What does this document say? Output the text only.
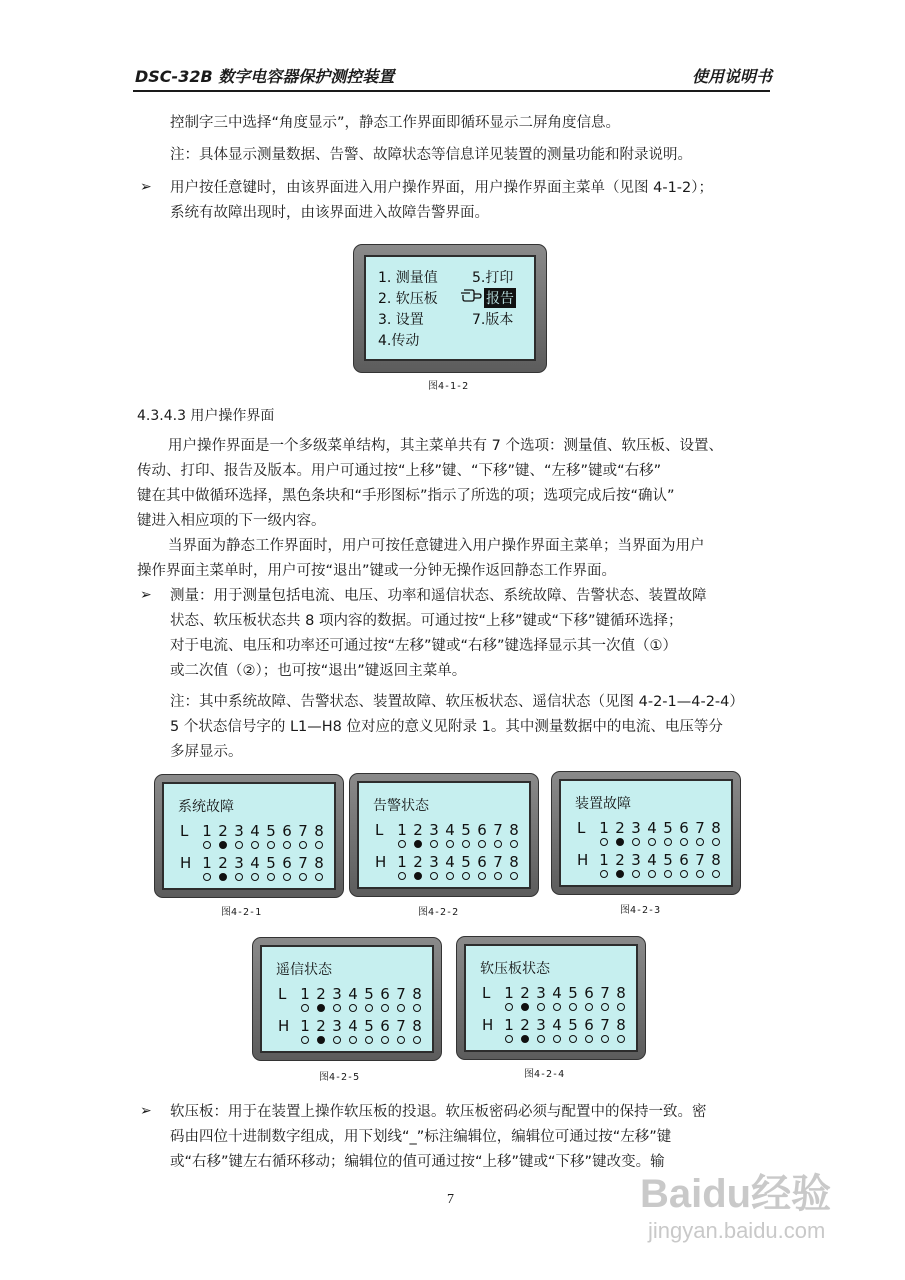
DSC-32B 数字电容器保护测控装置	使用说明书
控制字三中选择“角度显示”，静态工作界面即循环显示二屏角度信息。
注：具体显示测量数据、告警、故障状态等信息详见装置的测量功能和附录说明。
➢ 用户按任意键时，由该界面进入用户操作界面，用户操作界面主菜单（见图 4-1-2）；
系统有故障出现时，由该界面进入故障告警界面。
1. 测量值
2. 软压板
3. 设置
4.传动
5.打印
报告
7.版本
图4-1-2
4.3.4.3 用户操作界面
用户操作界面是一个多级菜单结构，其主菜单共有 7 个选项：测量值、软压板、设置、
传动、打印、报告及版本。用户可通过按“上移”键、“下移”键、“左移”键或“右移”
键在其中做循环选择，黑色条块和“手形图标”指示了所选的项；选项完成后按“确认”
键进入相应项的下一级内容。
当界面为静态工作界面时，用户可按任意键进入用户操作界面主菜单；当界面为用户
操作界面主菜单时，用户可按“退出”键或一分钟无操作返回静态工作界面。
➢ 测量：用于测量包括电流、电压、功率和遥信状态、系统故障、告警状态、装置故障
状态、软压板状态共 8 项内容的数据。可通过按“上移”键或“下移”键循环选择；
对于电流、电压和功率还可通过按“左移”键或“右移”键选择显示其一次值（①）
或二次值（②）；也可按“退出”键返回主菜单。
注：其中系统故障、告警状态、装置故障、软压板状态、遥信状态（见图 4-2-1—4-2-4）
5 个状态信号字的 L1—H8 位对应的意义见附录 1。其中测量数据中的电流、电压等分
多屏显示。
系统故障
L 1 2 3 4 5 6 7 8
H 1 2 3 4 5 6 7 8
图4-2-1
告警状态
L 1 2 3 4 5 6 7 8
H 1 2 3 4 5 6 7 8
图4-2-2
装置故障
L 1 2 3 4 5 6 7 8
H 1 2 3 4 5 6 7 8
图4-2-3
遥信状态
L 1 2 3 4 5 6 7 8
H 1 2 3 4 5 6 7 8
图4-2-5
软压板状态
L 1 2 3 4 5 6 7 8
H 1 2 3 4 5 6 7 8
图4-2-4
➢ 软压板：用于在装置上操作软压板的投退。软压板密码必须与配置中的保持一致。密
码由四位十进制数字组成，用下划线“_”标注编辑位，编辑位可通过按“左移”键
或“右移”键左右循环移动；编辑位的值可通过按“上移”键或“下移”键改变。输
7	Baidu经验
jingyan.baidu.com
